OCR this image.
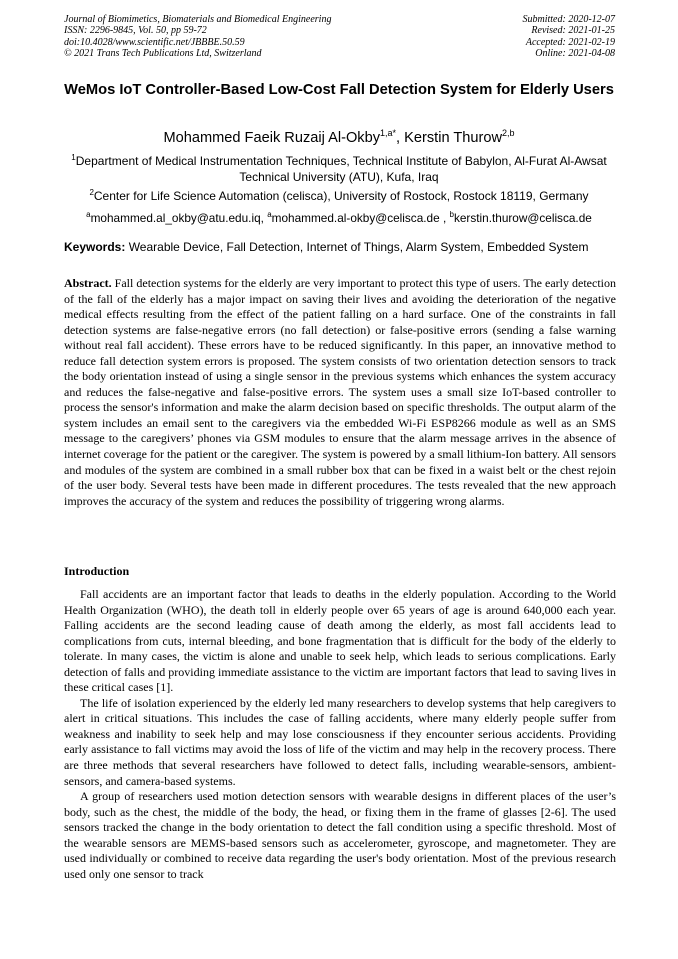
Journal of Biomimetics, Biomaterials and Biomedical Engineering
ISSN: 2296-9845, Vol. 50, pp 59-72
doi:10.4028/www.scientific.net/JBBBE.50.59
© 2021 Trans Tech Publications Ltd, Switzerland
Submitted: 2020-12-07
Revised: 2021-01-25
Accepted: 2021-02-19
Online: 2021-04-08
WeMos IoT Controller-Based Low-Cost Fall Detection System for Elderly Users
Mohammed Faeik Ruzaij Al-Okby$^{1,a*}$, Kerstin Thurow$^{2,b}$
$^1$Department of Medical Instrumentation Techniques, Technical Institute of Babylon, Al-Furat Al-Awsat Technical University (ATU), Kufa, Iraq
$^2$Center for Life Science Automation (celisca), University of Rostock, Rostock 18119, Germany
$^a$mohammed.al_okby@atu.edu.iq, $^a$mohammed.al-okby@celisca.de , $^b$kerstin.thurow@celisca.de
Keywords: Wearable Device, Fall Detection, Internet of Things, Alarm System, Embedded System

Abstract. Fall detection systems for the elderly are very important to protect this type of users. The early detection of the fall of the elderly has a major impact on saving their lives and avoiding the deterioration of the negative medical effects resulting from the effect of the patient falling on a hard surface. One of the constraints in fall detection systems are false-negative errors (no fall detection) or false-positive errors (sending a false warning without real fall accident). These errors have to be reduced significantly. In this paper, an innovative method to reduce fall detection system errors is proposed. The system consists of two orientation detection sensors to track the body orientation instead of using a single sensor in the previous systems which enhances the system accuracy and reduces the false-negative and false-positive errors. The system uses a small size IoT-based controller to process the sensor's information and make the alarm decision based on specific thresholds. The output alarm of the system includes an email sent to the caregivers via the embedded Wi-Fi ESP8266 module as well as an SMS message to the caregivers’ phones via GSM modules to ensure that the alarm message arrives in the absence of internet coverage for the patient or the caregiver. The system is powered by a small lithium-Ion battery. All sensors and modules of the system are combined in a small rubber box that can be fixed in a waist belt or the chest rejoin of the user body. Several tests have been made in different procedures. The tests revealed that the new approach improves the accuracy of the system and reduces the possibility of triggering wrong alarms.

Introduction

Fall accidents are an important factor that leads to deaths in the elderly population. According to the World Health Organization (WHO), the death toll in elderly people over 65 years of age is around 640,000 each year. Falling accidents are the second leading cause of death among the elderly, as most fall accidents lead to complications from cuts, internal bleeding, and bone fragmentation that is difficult for the body of the elderly to tolerate. In many cases, the victim is alone and unable to seek help, which leads to serious complications. Early detection of falls and providing immediate assistance to the victim are important factors that lead to saving lives in these critical cases [1].

The life of isolation experienced by the elderly led many researchers to develop systems that help caregivers to alert in critical situations. This includes the case of falling accidents, where many elderly people suffer from weakness and inability to seek help and may lose consciousness if they encounter serious accidents. Providing early assistance to fall victims may avoid the loss of life of the victim and may help in the recovery process. There are three methods that several researchers have followed to detect falls, including wearable-sensors, ambient-sensors, and camera-based systems.

A group of researchers used motion detection sensors with wearable designs in different places of the user’s body, such as the chest, the middle of the body, the head, or fixing them in the frame of glasses [2-6]. The used sensors tracked the change in the body orientation to detect the fall condition using a specific threshold. Most of the wearable sensors are MEMS-based sensors such as accelerometer, gyroscope, and magnetometer. They are used individually or combined to receive data regarding the user's body orientation. Most of the previous research used only one sensor to track
